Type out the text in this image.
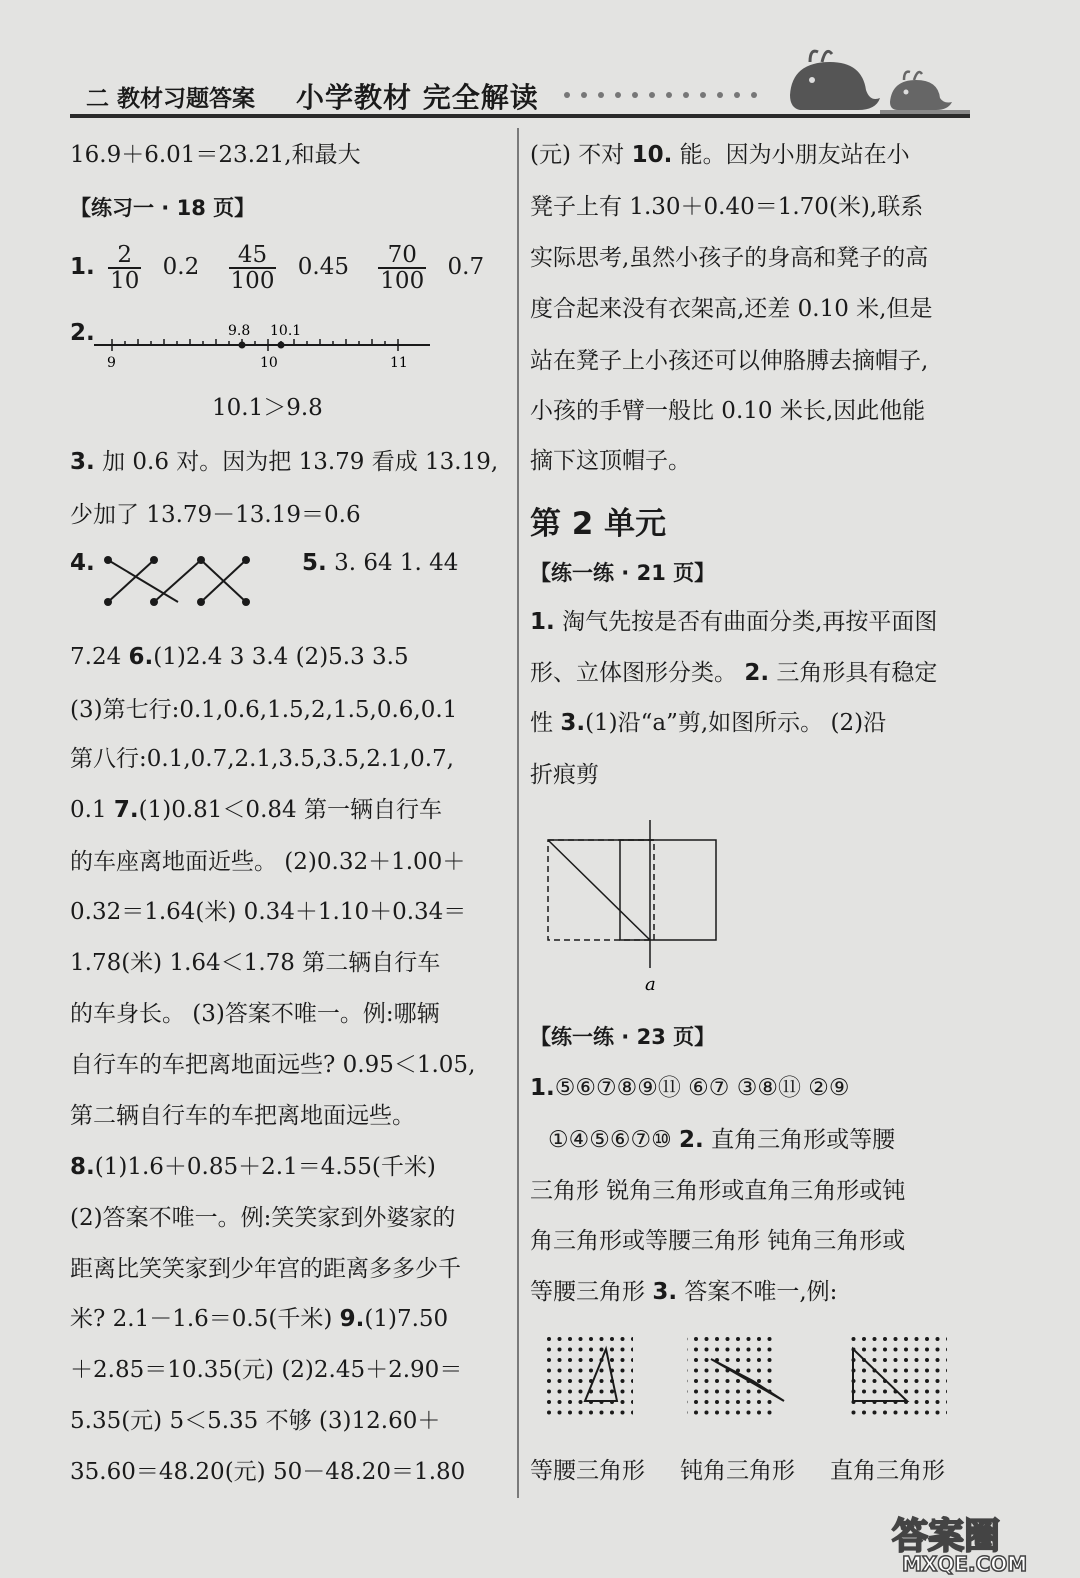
二 教材习题答案 小学教材 完全解读
16.9＋6.01＝23.21,和最大
【练习一 · 18 页】
1. $\frac{2}{10} 0.2 \frac{45}{100} 0.45 \frac{70}{100} 0.7$
2.	9.8 10.1
9	10	11
10.1＞9.8
3. 加 0.6 对。因为把 13.79 看成 13.19,
少加了 13.79－13.19＝0.6
4.	5. 3. 64 1. 44
7.24 6.(1)2.4 3 3.4 (2)5.3 3.5
(3)第七行:0.1,0.6,1.5,2,1.5,0.6,0.1
第八行:0.1,0.7,2.1,3.5,3.5,2.1,0.7,
0.1 7.(1)0.81＜0.84 第一辆自行车
的车座离地面近些。 (2)0.32＋1.00＋
0.32＝1.64(米) 0.34＋1.10＋0.34＝
1.78(米) 1.64＜1.78 第二辆自行车
的车身长。 (3)答案不唯一。例:哪辆
自行车的车把离地面远些? 0.95＜1.05,
第二辆自行车的车把离地面远些。
8.(1)1.6＋0.85＋2.1＝4.55(千米)
(2)答案不唯一。例:笑笑家到外婆家的
距离比笑笑家到少年宫的距离多多少千
米? 2.1－1.6＝0.5(千米) 9.(1)7.50
＋2.85＝10.35(元) (2)2.45＋2.90＝
5.35(元) 5＜5.35 不够 (3)12.60＋
35.60＝48.20(元) 50－48.20＝1.80
(元) 不对 10. 能。因为小朋友站在小
凳子上有 1.30＋0.40＝1.70(米),联系
实际思考,虽然小孩子的身高和凳子的高
度合起来没有衣架高,还差 0.10 米,但是
站在凳子上小孩还可以伸胳膊去摘帽子,
小孩的手臂一般比 0.10 米长,因此他能
摘下这顶帽子。
第 2 单元
【练一练 · 21 页】
1. 淘气先按是否有曲面分类,再按平面图
形、立体图形分类。 2. 三角形具有稳定
性 3.(1)沿“a”剪,如图所示。 (2)沿
折痕剪
a
【练一练 · 23 页】
1.⑤⑥⑦⑧⑨⑪ ⑥⑦ ③⑧⑪ ②⑨
①④⑤⑥⑦⑩ 2. 直角三角形或等腰
三角形 锐角三角形或直角三角形或钝
角三角形或等腰三角形 钝角三角形或
等腰三角形 3. 答案不唯一,例:
等腰三角形 钝角三角形 直角三角形
答案圈
MXQE.COM
